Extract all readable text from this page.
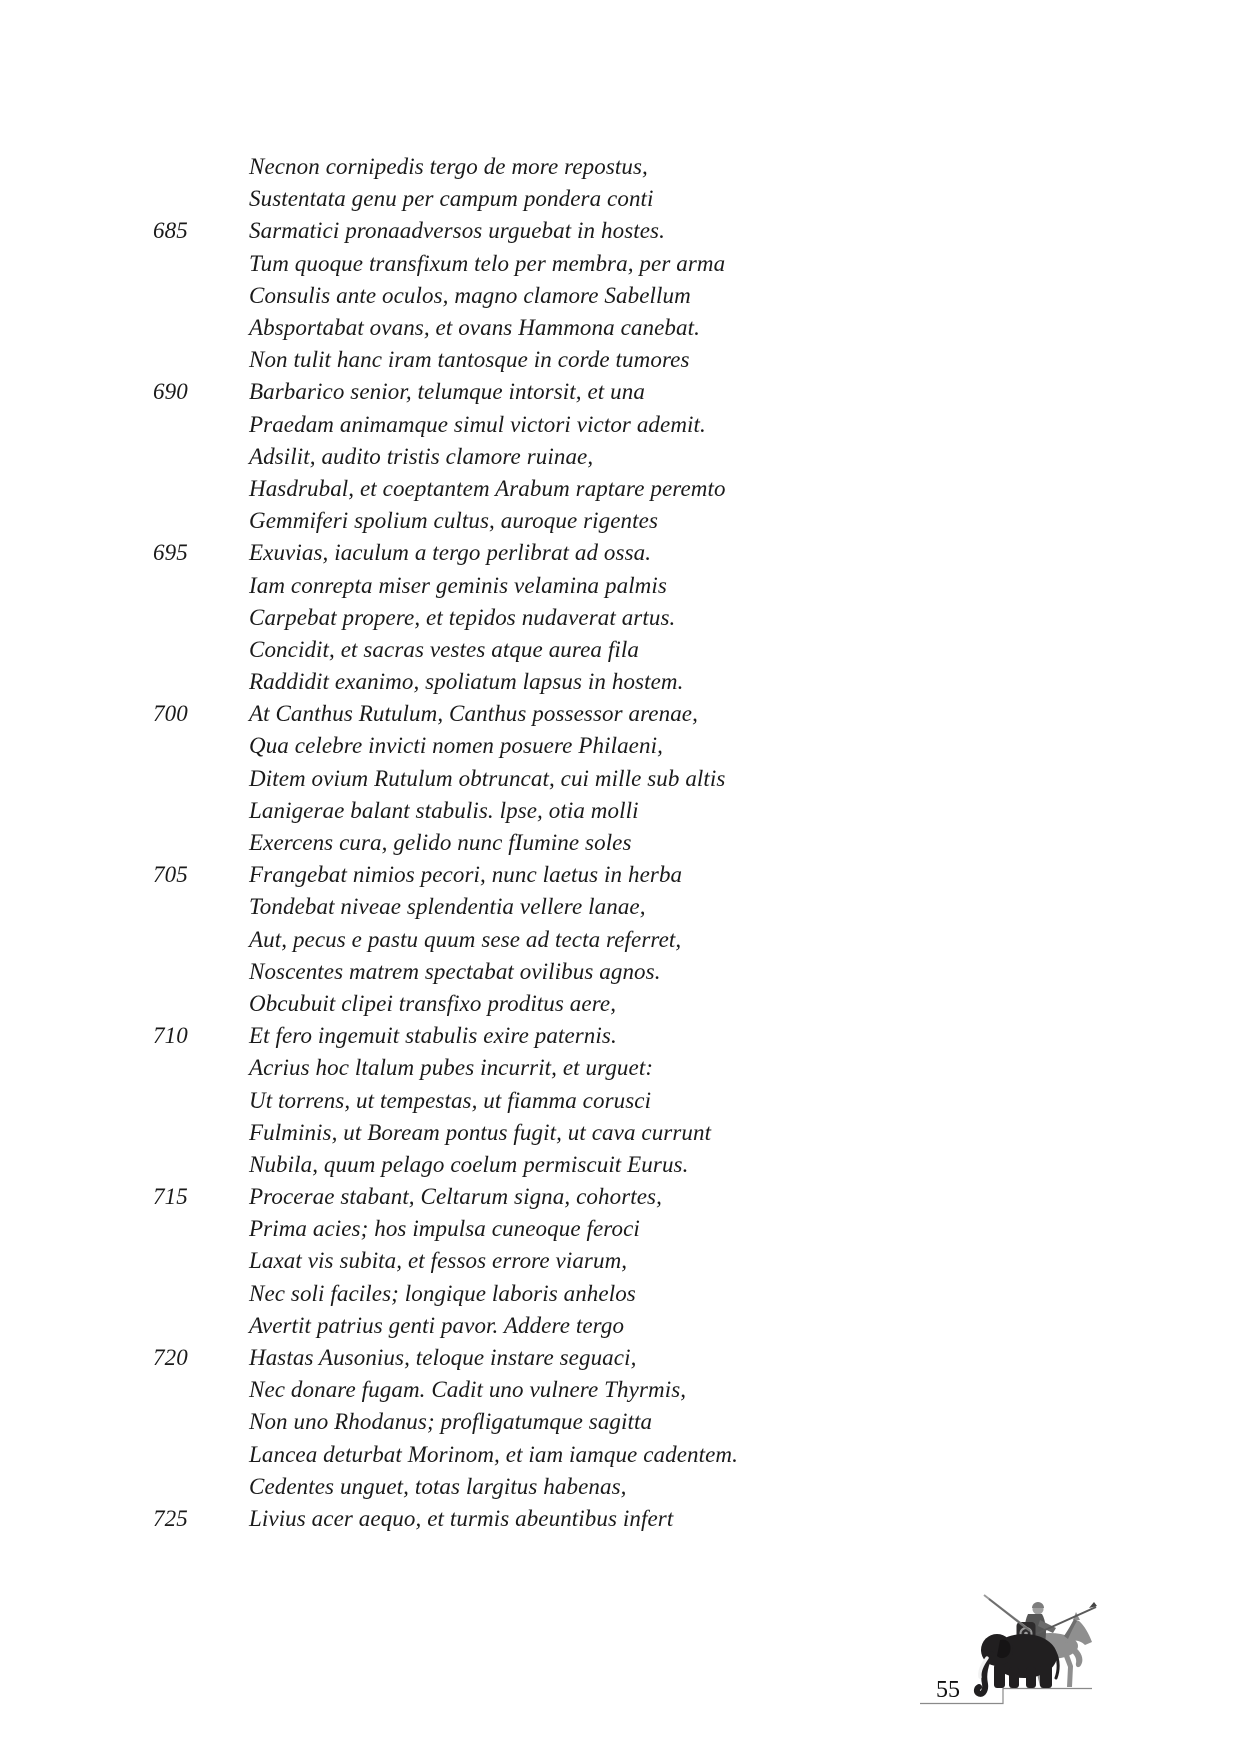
Necnon cornipedis tergo de more repostus,
Sustentata genu per campum pondera conti
685	Sarmatici pronaadversos urguebat in hostes.
Tum quoque transfixum telo per membra, per arma
Consulis ante oculos, magno clamore Sabellum
Absportabat ovans, et ovans Hammona canebat.
Non tulit hanc iram tantosque in corde tumores
690	Barbarico senior, telumque intorsit, et una
Praedam animamque simul victori victor ademit.
Adsilit, audito tristis clamore ruinae,
Hasdrubal, et coeptantem Arabum raptare peremto
Gemmiferi spolium cultus, auroque rigentes
695	Exuvias, iaculum a tergo perlibrat ad ossa.
Iam conrepta miser geminis velamina palmis
Carpebat propere, et tepidos nudaverat artus.
Concidit, et sacras vestes atque aurea fila
Raddidit exanimo, spoliatum lapsus in hostem.
700	At Canthus Rutulum, Canthus possessor arenae,
Qua celebre invicti nomen posuere Philaeni,
Ditem ovium Rutulum obtruncat, cui mille sub altis
Lanigerae balant stabulis. lpse, otia molli
Exercens cura, gelido nunc fIumine soles
705	Frangebat nimios pecori, nunc laetus in herba
Tondebat niveae splendentia vellere lanae,
Aut, pecus e pastu quum sese ad tecta referret,
Noscentes matrem spectabat ovilibus agnos.
Obcubuit clipei transfixo proditus aere,
710	Et fero ingemuit stabulis exire paternis.
Acrius hoc ltalum pubes incurrit, et urguet:
Ut torrens, ut tempestas, ut fiamma corusci
Fulminis, ut Boream pontus fugit, ut cava currunt
Nubila, quum pelago coelum permiscuit Eurus.
715	Procerae stabant, Celtarum signa, cohortes,
Prima acies; hos impulsa cuneoque feroci
Laxat vis subita, et fessos errore viarum,
Nec soli faciles; longique laboris anhelos
Avertit patrius genti pavor. Addere tergo
720	Hastas Ausonius, teloque instare seguaci,
Nec donare fugam. Cadit uno vulnere Thyrmis,
Non uno Rhodanus; profligatumque sagitta
Lancea deturbat Morinom, et iam iamque cadentem.
Cedentes unguet, totas largitus habenas,
725	Livius acer aequo, et turmis abeuntibus infert
55
